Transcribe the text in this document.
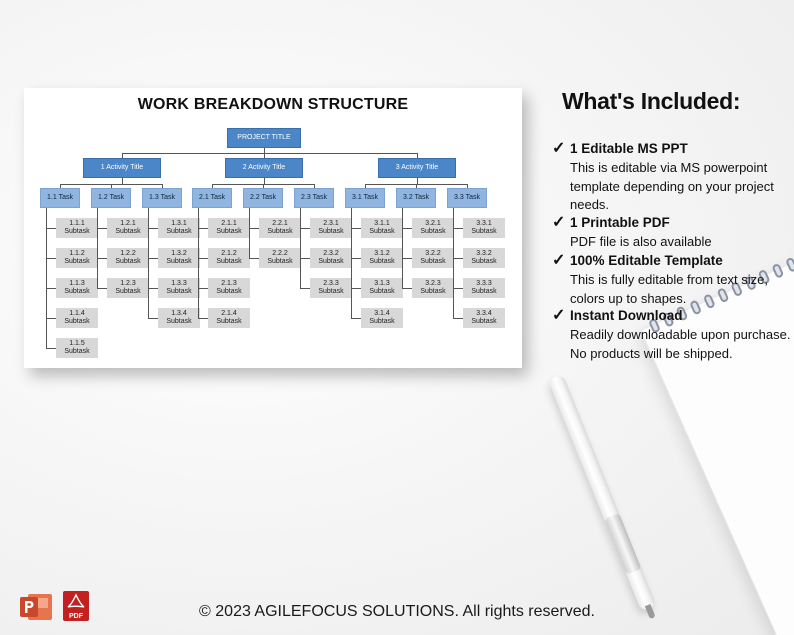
WORK BREAKDOWN STRUCTURE
PROJECT TITLE
1 Activity Title
1.1 Task
1.1.1
Subtask
1.1.2
Subtask
1.1.3
Subtask
1.1.4
Subtask
1.1.5
Subtask
1.2 Task
1.2.1
Subtask
1.2.2
Subtask
1.2.3
Subtask
1.3 Task
1.3.1
Subtask
1.3.2
Subtask
1.3.3
Subtask
1.3.4
Subtask
2 Activity Title
2.1 Task
2.1.1
Subtask
2.1.2
Subtask
2.1.3
Subtask
2.1.4
Subtask
2.2 Task
2.2.1
Subtask
2.2.2
Subtask
2.3 Task
2.3.1
Subtask
2.3.2
Subtask
2.3.3
Subtask
3 Activity Title
3.1 Task
3.1.1
Subtask
3.1.2
Subtask
3.1.3
Subtask
3.1.4
Subtask
3.2 Task
3.2.1
Subtask
3.2.2
Subtask
3.2.3
Subtask
3.3 Task
3.3.1
Subtask
3.3.2
Subtask
3.3.3
Subtask
3.3.4
Subtask
What's Included:
✓ 1 Editable MS PPT
This is editable via MS powerpoint template depending on your project needs.
✓ 1 Printable PDF
PDF file is also available
✓ 100% Editable Template
This is fully editable from text size, colors up to shapes.
✓ Instant Download
Readily downloadable upon purchase. No products will be shipped.
© 2023 AGILEFOCUS SOLUTIONS. All rights reserved.
PDF
